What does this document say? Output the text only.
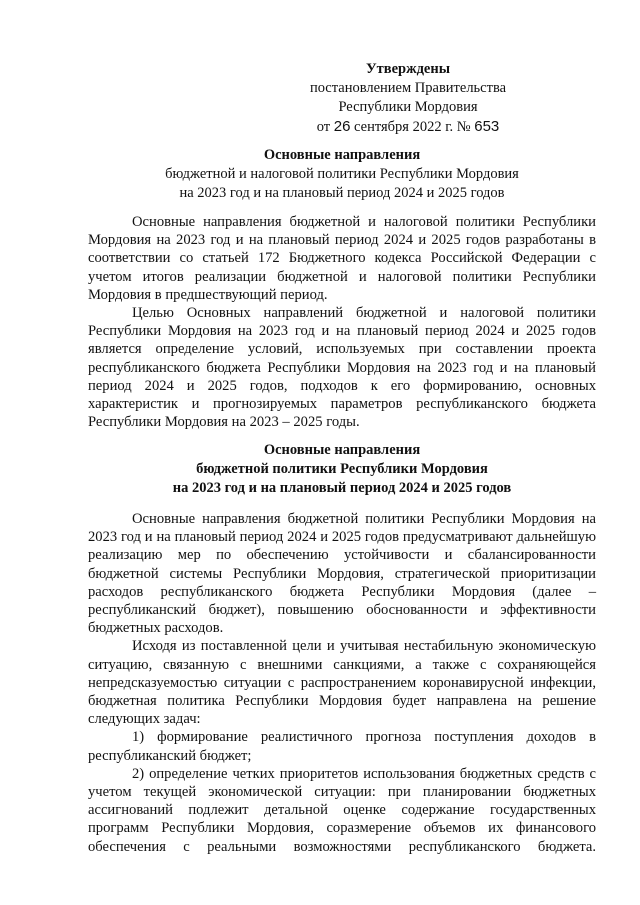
Утверждены
постановлением Правительства
Республики Мордовия
от 26 сентября 2022 г. № 653
Основные направления
бюджетной и налоговой политики Республики Мордовия
на 2023 год и на плановый период 2024 и 2025 годов

Основные направления бюджетной и налоговой политики Республики Мордовия на 2023 год и на плановый период 2024 и 2025 годов разработаны в соответствии со статьей 172 Бюджетного кодекса Российской Федерации с учетом итогов реализации бюджетной и налоговой политики Республики Мордовия в предшествующий период.

Целью Основных направлений бюджетной и налоговой политики Республики Мордовия на 2023 год и на плановый период 2024 и 2025 годов является определение условий, используемых при составлении проекта республиканского бюджета Республики Мордовия на 2023 год и на плановый период 2024 и 2025 годов, подходов к его формированию, основных характеристик и прогнозируемых параметров республиканского бюджета Республики Мордовия на 2023 – 2025 годы.

Основные направления
бюджетной политики Республики Мордовия
на 2023 год и на плановый период 2024 и 2025 годов

Основные направления бюджетной политики Республики Мордовия на 2023 год и на плановый период 2024 и 2025 годов предусматривают дальнейшую реализацию мер по обеспечению устойчивости и сбалансированности бюджетной системы Республики Мордовия, стратегической приоритизации расходов республиканского бюджета Республики Мордовия (далее – республиканский бюджет), повышению обоснованности и эффективности бюджетных расходов.

Исходя из поставленной цели и учитывая нестабильную экономическую ситуацию, связанную с внешними санкциями, а также с сохраняющейся непредсказуемостью ситуации с распространением коронавирусной инфекции, бюджетная политика Республики Мордовия будет направлена на решение следующих задач:

1) формирование реалистичного прогноза поступления доходов в республиканский бюджет;

2) определение четких приоритетов использования бюджетных средств с учетом текущей экономической ситуации: при планировании бюджетных ассигнований подлежит детальной оценке содержание государственных программ Республики Мордовия, соразмерение объемов их финансового обеспечения с реальными возможностями республиканского бюджета.
